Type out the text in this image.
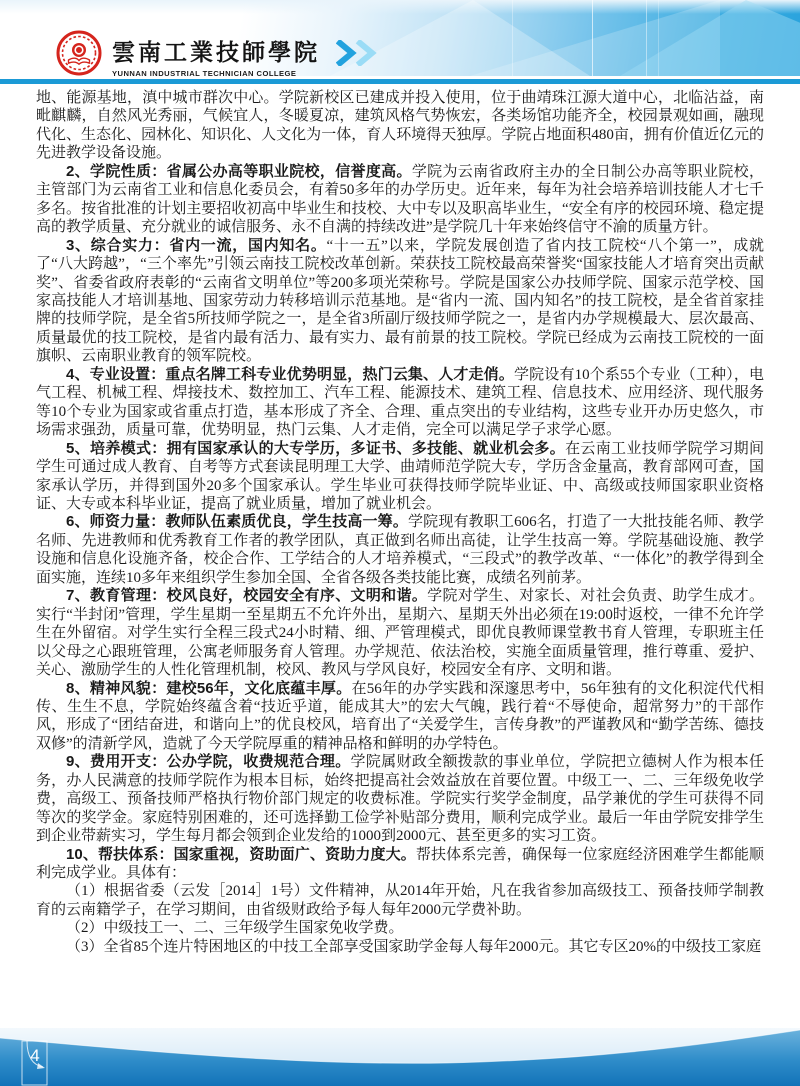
雲南工業技師學院
YUNNAN INDUSTRIAL TECHNICIAN COLLEGE

地、能源基地，滇中城市群次中心。学院新校区已建成并投入使用，位于曲靖珠江源大道中心，北临沾益，南毗麒麟，自然风光秀丽，气候宜人，冬暖夏凉，建筑风格气势恢宏，各类场馆功能齐全，校园景观如画，融现代化、生态化、园林化、知识化、人文化为一体，育人环境得天独厚。学院占地面积480亩，拥有价值近亿元的先进教学设备设施。

2、学院性质：省属公办高等职业院校，信誉度高。学院为云南省政府主办的全日制公办高等职业院校，主管部门为云南省工业和信息化委员会，有着50多年的办学历史。近年来，每年为社会培养培训技能人才七千多名。按省批准的计划主要招收初高中毕业生和技校、大中专以及职高毕业生，“安全有序的校园环境、稳定提高的教学质量、充分就业的诚信服务、永不自满的持续改进”是学院几十年来始终信守不渝的质量方针。

3、综合实力：省内一流，国内知名。“十一五”以来，学院发展创造了省内技工院校“八个第一”，成就了“八大跨越”，“三个率先”引领云南技工院校改革创新。荣获技工院校最高荣誉奖“国家技能人才培育突出贡献奖”、省委省政府表彰的“云南省文明单位”等200多项光荣称号。学院是国家公办技师学院、国家示范学校、国家高技能人才培训基地、国家劳动力转移培训示范基地。是“省内一流、国内知名”的技工院校，是全省首家挂牌的技师学院，是全省5所技师学院之一，是全省3所副厅级技师学院之一，是省内办学规模最大、层次最高、质量最优的技工院校，是省内最有活力、最有实力、最有前景的技工院校。学院已经成为云南技工院校的一面旗帜、云南职业教育的领军院校。

4、专业设置：重点名牌工科专业优势明显，热门云集、人才走俏。学院设有10个系55个专业（工种），电气工程、机械工程、焊接技术、数控加工、汽车工程、能源技术、建筑工程、信息技术、应用经济、现代服务等10个专业为国家或省重点打造，基本形成了齐全、合理、重点突出的专业结构，这些专业开办历史悠久，市场需求强劲，质量可靠，优势明显，热门云集、人才走俏，完全可以满足学子求学心愿。

5、培养模式：拥有国家承认的大专学历，多证书、多技能、就业机会多。在云南工业技师学院学习期间学生可通过成人教育、自考等方式套读昆明理工大学、曲靖师范学院大专，学历含金量高，教育部网可查，国家承认学历，并得到国外20多个国家承认。学生毕业可获得技师学院毕业证、中、高级或技师国家职业资格证、大专或本科毕业证，提高了就业质量，增加了就业机会。

6、师资力量：教师队伍素质优良，学生技高一筹。学院现有教职工606名，打造了一大批技能名师、教学名师、先进教师和优秀教育工作者的教学团队，真正做到名师出高徒，让学生技高一筹。学院基础设施、教学设施和信息化设施齐备，校企合作、工学结合的人才培养模式，“三段式”的教学改革、“一体化”的教学得到全面实施，连续10多年来组织学生参加全国、全省各级各类技能比赛，成绩名列前茅。

7、教育管理：校风良好，校园安全有序、文明和谐。学院对学生、对家长、对社会负责、助学生成才。实行“半封闭”管理，学生星期一至星期五不允许外出，星期六、星期天外出必须在19:00时返校，一律不允许学生在外留宿。对学生实行全程三段式24小时精、细、严管理模式，即优良教师课堂教书育人管理，专职班主任以父母之心跟班管理，公寓老师服务育人管理。办学规范、依法治校，实施全面质量管理，推行尊重、爱护、关心、激励学生的人性化管理机制，校风、教风与学风良好，校园安全有序、文明和谐。

8、精神风貌：建校56年，文化底蕴丰厚。在56年的办学实践和深邃思考中，56年独有的文化积淀代代相传、生生不息，学院始终蕴含着“技近乎道，能成其大”的宏大气魄，践行着“不辱使命，超常努力”的干部作风，形成了“团结奋进，和谐向上”的优良校风，培育出了“关爱学生，言传身教”的严谨教风和“勤学苦练、德技双修”的清新学风，造就了今天学院厚重的精神品格和鲜明的办学特色。

9、费用开支：公办学院，收费规范合理。学院属财政全额拨款的事业单位，学院把立德树人作为根本任务，办人民满意的技师学院作为根本目标，始终把提高社会效益放在首要位置。中级工一、二、三年级免收学费，高级工、预备技师严格执行物价部门规定的收费标准。学院实行奖学金制度，品学兼优的学生可获得不同等次的奖学金。家庭特别困难的，还可选择勤工俭学补贴部分费用，顺利完成学业。最后一年由学院安排学生到企业带薪实习，学生每月都会领到企业发给的1000到2000元、甚至更多的实习工资。

10、帮扶体系：国家重视，资助面广、资助力度大。帮扶体系完善，确保每一位家庭经济困难学生都能顺利完成学业。具体有：

（1）根据省委（云发［2014］1号）文件精神，从2014年开始，凡在我省参加高级技工、预备技师学制教育的云南籍学子，在学习期间，由省级财政给予每人每年2000元学费补助。

（2）中级技工一、二、三年级学生国家免收学费。

（3）全省85个连片特困地区的中技工全部享受国家助学金每人每年2000元。其它专区20%的中级技工家庭

4
